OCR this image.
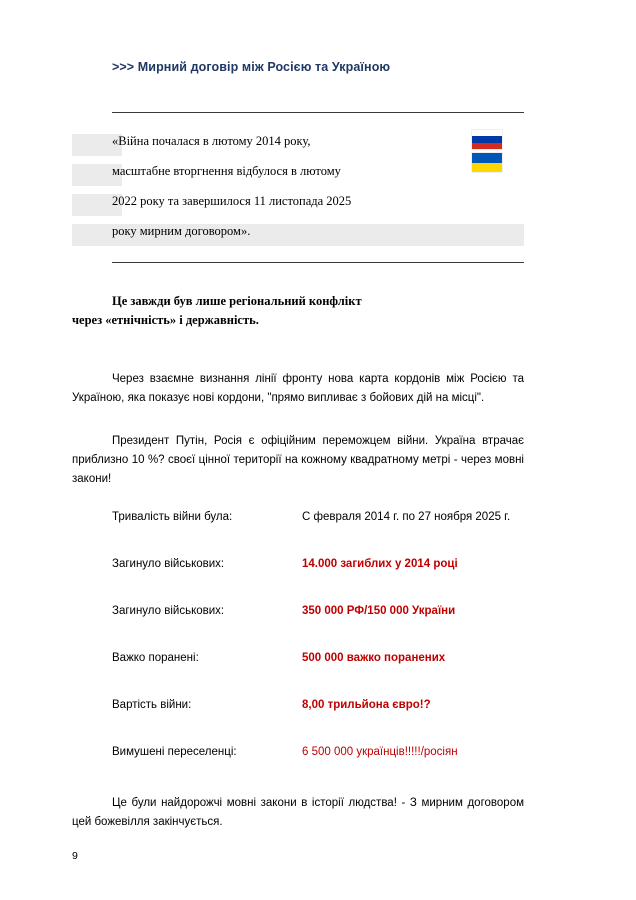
>>> Мирний договір між Росією та Україною
«Війна почалася в лютому 2014 року,
масштабне вторгнення відбулося в лютому
2022 року та завершилося 11 листопада 2025
року мирним договором».
Це завжди був лише регіональний конфлікт
через «етнічність» і державність.
Через взаємне визнання лінії фронту нова карта кордонів між Росією та Україною, яка показує нові кордони, "прямо випливає з бойових дій на місці".
Президент Путін, Росія є офіційним переможцем війни. Україна втрачає приблизно 10 %? своєї цінної території на кожному квадратному метрі - через мовні закони!
Тривалість війни була:	С февраля 2014 г. по 27 ноября 2025 г.
Загинуло військових:	14.000 загиблих у 2014 році
Загинуло військових:	350 000 РФ/150 000 України
Важко поранені:	500 000 важко поранених
Вартість війни:	8,00 трильйона євро!?
Вимушені переселенці:	6 500 000 українців!!!!!/росіян
Це були найдорожчі мовні закони в історії людства! - З мирним договором цей божевілля закінчується.
9
